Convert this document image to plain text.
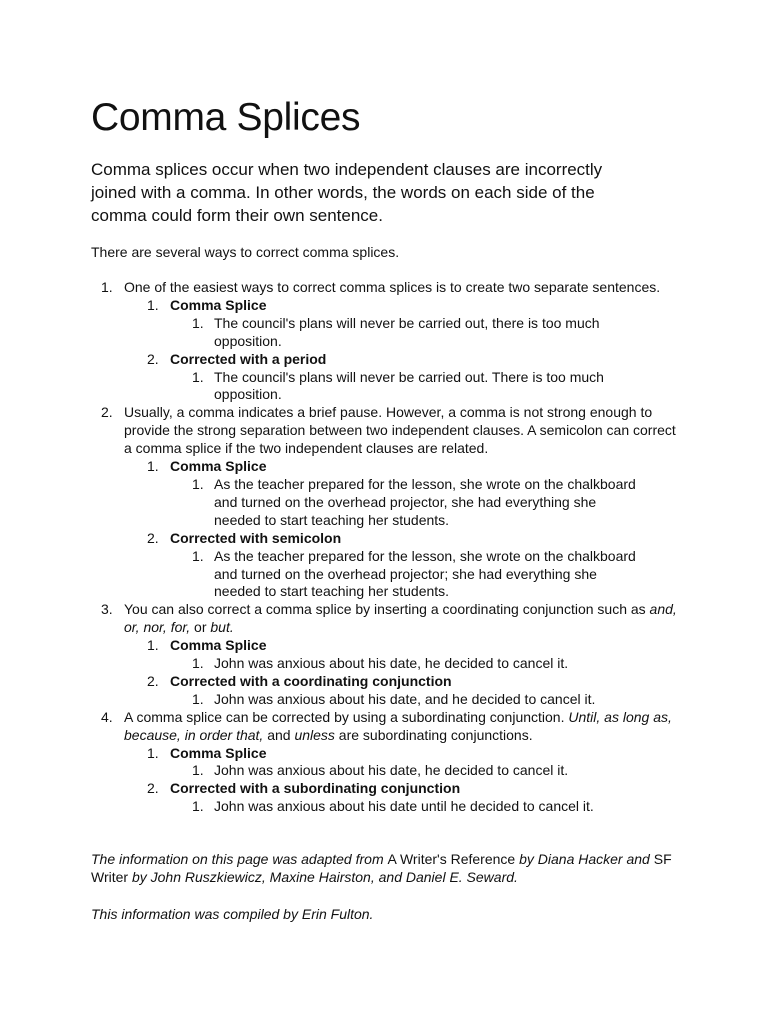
Comma Splices

Comma splices occur when two independent clauses are incorrectly joined with a comma. In other words, the words on each side of the comma could form their own sentence.

There are several ways to correct comma splices.

1. One of the easiest ways to correct comma splices is to create two separate sentences.
1. Comma Splice
1. The council's plans will never be carried out, there is too much opposition.
2. Corrected with a period
1. The council's plans will never be carried out. There is too much opposition.
2. Usually, a comma indicates a brief pause. However, a comma is not strong enough to provide the strong separation between two independent clauses. A semicolon can correct a comma splice if the two independent clauses are related.
1. Comma Splice
1. As the teacher prepared for the lesson, she wrote on the chalkboard and turned on the overhead projector, she had everything she needed to start teaching her students.
2. Corrected with semicolon
1. As the teacher prepared for the lesson, she wrote on the chalkboard and turned on the overhead projector; she had everything she needed to start teaching her students.
3. You can also correct a comma splice by inserting a coordinating conjunction such as and, or, nor, for, or but.
1. Comma Splice
1. John was anxious about his date, he decided to cancel it.
2. Corrected with a coordinating conjunction
1. John was anxious about his date, and he decided to cancel it.
4. A comma splice can be corrected by using a subordinating conjunction. Until, as long as, because, in order that, and unless are subordinating conjunctions.
1. Comma Splice
1. John was anxious about his date, he decided to cancel it.
2. Corrected with a subordinating conjunction
1. John was anxious about his date until he decided to cancel it.

The information on this page was adapted from A Writer's Reference by Diana Hacker and SF Writer by John Ruszkiewicz, Maxine Hairston, and Daniel E. Seward.

This information was compiled by Erin Fulton.
